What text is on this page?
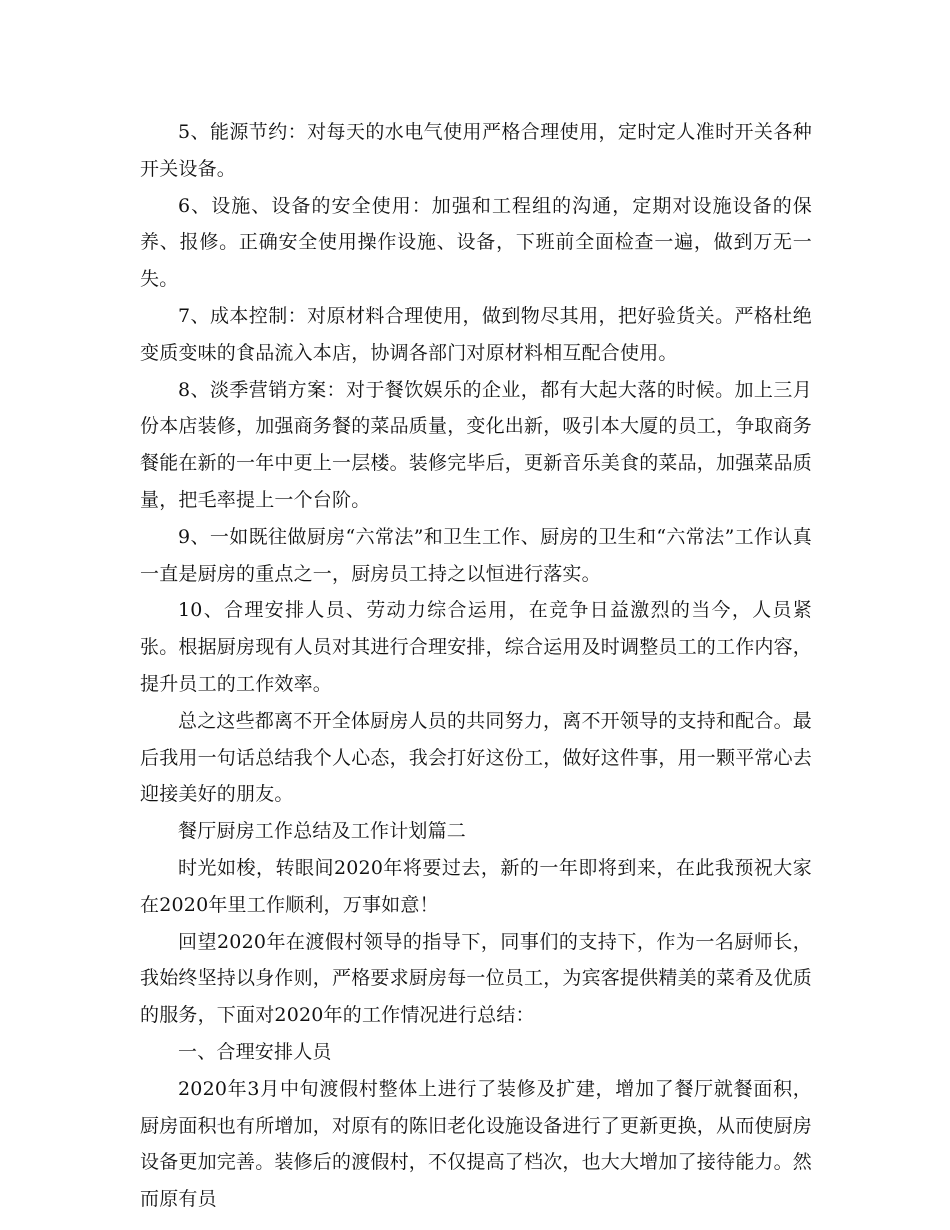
5、能源节约：对每天的水电气使用严格合理使用，定时定人准时开关各种开关设备。

6、设施、设备的安全使用：加强和工程组的沟通，定期对设施设备的保养、报修。正确安全使用操作设施、设备，下班前全面检查一遍，做到万无一失。

7、成本控制：对原材料合理使用，做到物尽其用，把好验货关。严格杜绝变质变味的食品流入本店，协调各部门对原材料相互配合使用。

8、淡季营销方案：对于餐饮娱乐的企业，都有大起大落的时候。加上三月份本店装修，加强商务餐的菜品质量，变化出新，吸引本大厦的员工，争取商务餐能在新的一年中更上一层楼。装修完毕后，更新音乐美食的菜品，加强菜品质量，把毛率提上一个台阶。

9、一如既往做厨房“六常法”和卫生工作、厨房的卫生和“六常法”工作认真一直是厨房的重点之一，厨房员工持之以恒进行落实。

10、合理安排人员、劳动力综合运用，在竞争日益激烈的当今，人员紧张。根据厨房现有人员对其进行合理安排，综合运用及时调整员工的工作内容，提升员工的工作效率。

总之这些都离不开全体厨房人员的共同努力，离不开领导的支持和配合。最后我用一句话总结我个人心态，我会打好这份工，做好这件事，用一颗平常心去迎接美好的朋友。

餐厅厨房工作总结及工作计划篇二

时光如梭，转眼间2020年将要过去，新的一年即将到来，在此我预祝大家在2020年里工作顺利，万事如意！

回望2020年在渡假村领导的指导下，同事们的支持下，作为一名厨师长，我始终坚持以身作则，严格要求厨房每一位员工，为宾客提供精美的菜肴及优质的服务，下面对2020年的工作情况进行总结：

一、合理安排人员

2020年3月中旬渡假村整体上进行了装修及扩建，增加了餐厅就餐面积，厨房面积也有所增加，对原有的陈旧老化设施设备进行了更新更换，从而使厨房设备更加完善。装修后的渡假村，不仅提高了档次，也大大增加了接待能力。然而原有员
